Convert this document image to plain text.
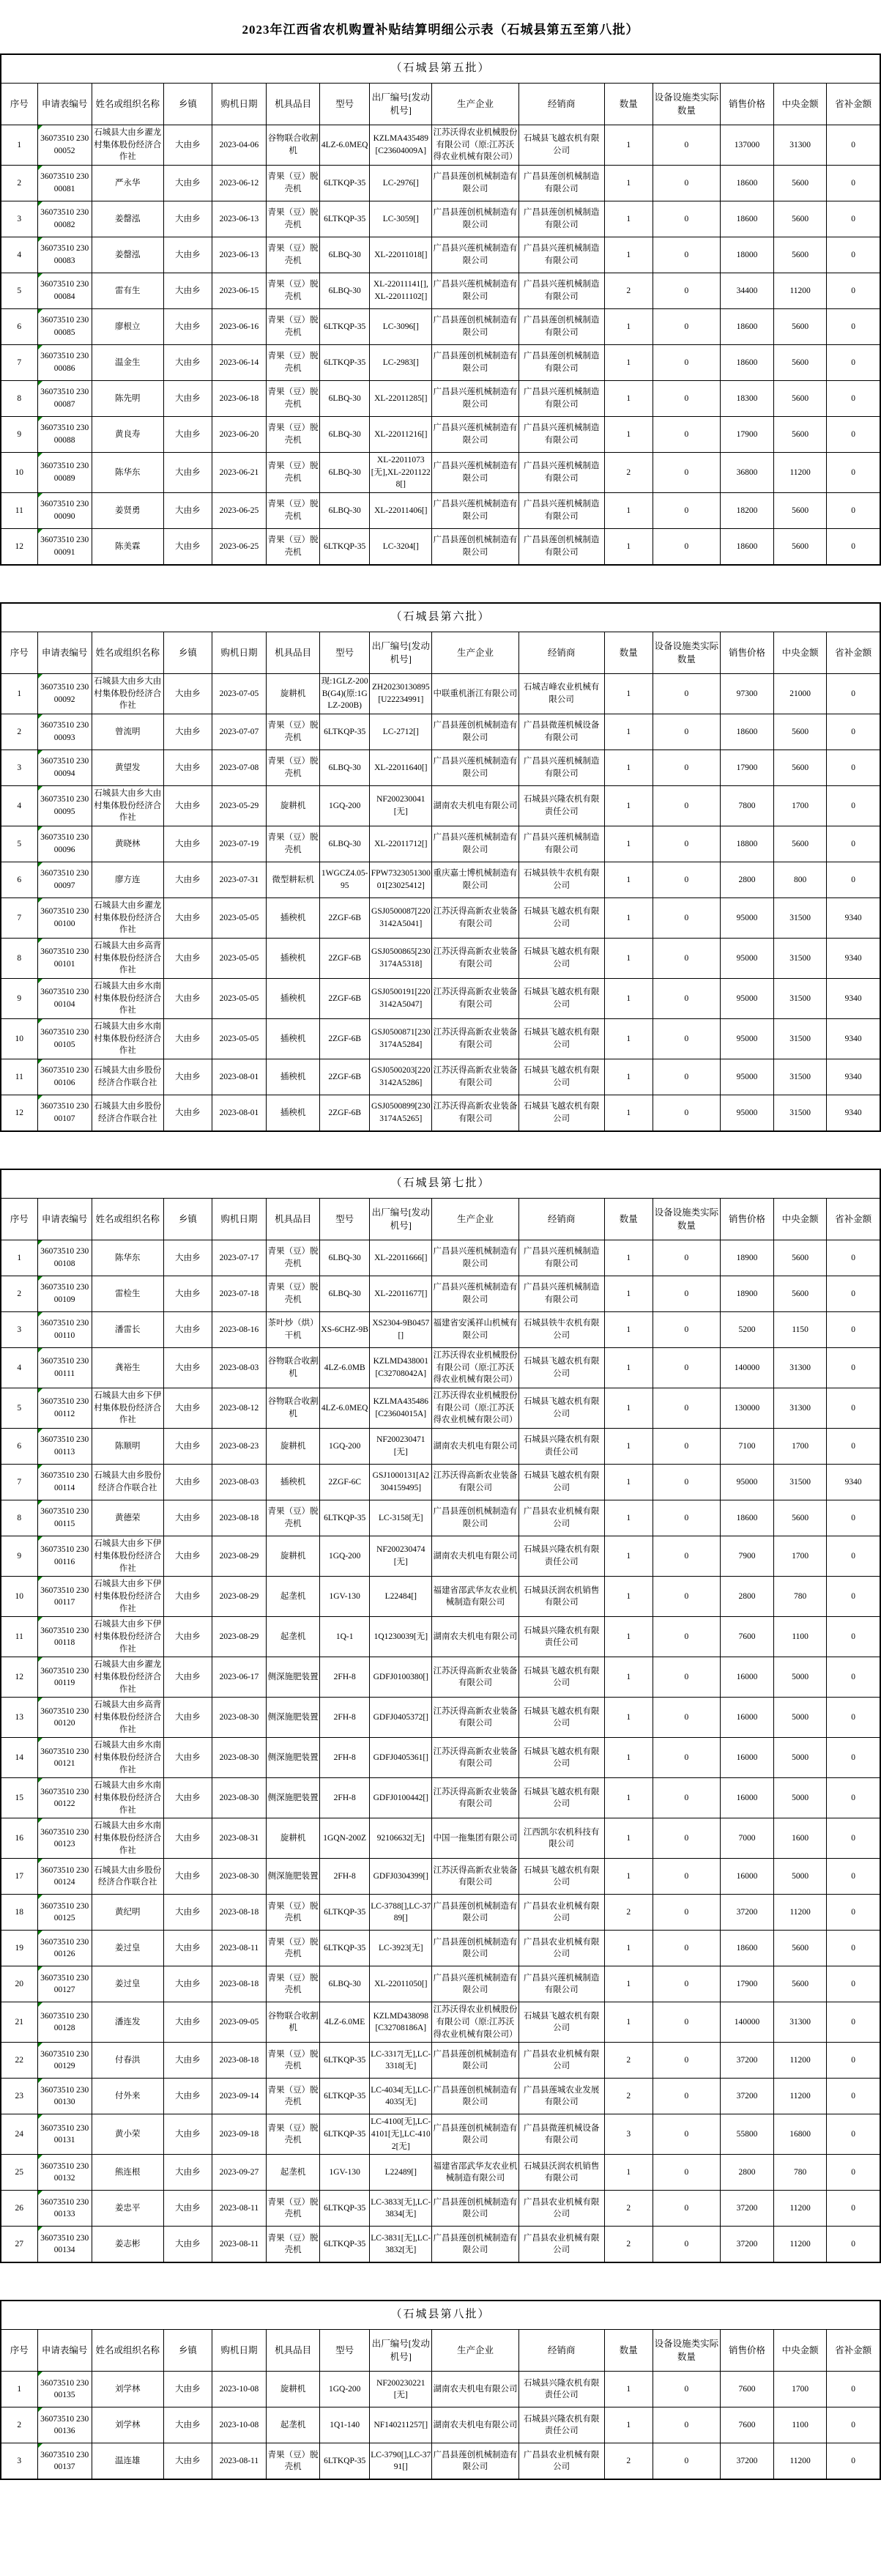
2023年江西省农机购置补贴结算明细公示表（石城县第五至第八批）
（石城县第五批）														
序号	申请表编号	姓名或组织名称	乡镇	购机日期	机具品目	型号	出厂编号[发动机号]	生产企业	经销商	数量	设备设施类实际数量	销售价格	中央金额	省补金额
1	36073510 23000052	石城县大由乡濯龙村集体股份经济合作社	大由乡	2023-04-06	谷物联合收割机	4LZ-6.0MEQ	KZLMA435489[C23604009A]	江苏沃得农业机械股份有限公司（原:江苏沃得农业机械有限公司）	石城县飞越农机有限公司	1	0	137000	31300	0
2	36073510 23000081	严永华	大由乡	2023-06-12	青果（豆）脱壳机	6LTKQP-35	LC-2976[]	广昌县莲创机械制造有限公司	广昌县莲创机械制造有限公司	1	0	18600	5600	0
3	36073510 23000082	姜罄泓	大由乡	2023-06-13	青果（豆）脱壳机	6LTKQP-35	LC-3059[]	广昌县莲创机械制造有限公司	广昌县莲创机械制造有限公司	1	0	18600	5600	0
4	36073510 23000083	姜罄泓	大由乡	2023-06-13	青果（豆）脱壳机	6LBQ-30	XL-22011018[]	广昌县兴莲机械制造有限公司	广昌县兴莲机械制造有限公司	1	0	18000	5600	0
5	36073510 23000084	雷有生	大由乡	2023-06-15	青果（豆）脱壳机	6LBQ-30	XL-22011141[],XL-22011102[]	广昌县兴莲机械制造有限公司	广昌县兴莲机械制造有限公司	2	0	34400	11200	0
6	36073510 23000085	廖根立	大由乡	2023-06-16	青果（豆）脱壳机	6LTKQP-35	LC-3096[]	广昌县莲创机械制造有限公司	广昌县莲创机械制造有限公司	1	0	18600	5600	0
7	36073510 23000086	温金生	大由乡	2023-06-14	青果（豆）脱壳机	6LTKQP-35	LC-2983[]	广昌县莲创机械制造有限公司	广昌县莲创机械制造有限公司	1	0	18600	5600	0
8	36073510 23000087	陈先明	大由乡	2023-06-18	青果（豆）脱壳机	6LBQ-30	XL-22011285[]	广昌县兴莲机械制造有限公司	广昌县兴莲机械制造有限公司	1	0	18300	5600	0
9	36073510 23000088	黄良寿	大由乡	2023-06-20	青果（豆）脱壳机	6LBQ-30	XL-22011216[]	广昌县兴莲机械制造有限公司	广昌县兴莲机械制造有限公司	1	0	17900	5600	0
10	36073510 23000089	陈华东	大由乡	2023-06-21	青果（豆）脱壳机	6LBQ-30	XL-22011073[无],XL-22011228[]	广昌县兴莲机械制造有限公司	广昌县兴莲机械制造有限公司	2	0	36800	11200	0
11	36073510 23000090	姜贤勇	大由乡	2023-06-25	青果（豆）脱壳机	6LBQ-30	XL-22011406[]	广昌县兴莲机械制造有限公司	广昌县兴莲机械制造有限公司	1	0	18200	5600	0
12	36073510 23000091	陈美霖	大由乡	2023-06-25	青果（豆）脱壳机	6LTKQP-35	LC-3204[]	广昌县莲创机械制造有限公司	广昌县莲创机械制造有限公司	1	0	18600	5600	0
（石城县第六批）														
序号	申请表编号	姓名或组织名称	乡镇	购机日期	机具品目	型号	出厂编号[发动机号]	生产企业	经销商	数量	设备设施类实际数量	销售价格	中央金额	省补金额
1	36073510 23000092	石城县大由乡大由村集体股份经济合作社	大由乡	2023-07-05	旋耕机	现:1GLZ-200B(G4)(原:1GLZ-200B)	ZH20230130895[U22234991]	中联重机浙江有限公司	石城吉峰农业机械有限公司	1	0	97300	21000	0
2	36073510 23000093	曾流明	大由乡	2023-07-07	青果（豆）脱壳机	6LTKQP-35	LC-2712[]	广昌县莲创机械制造有限公司	广昌县微莲机械设备有限公司	1	0	18600	5600	0
3	36073510 23000094	黄望发	大由乡	2023-07-08	青果（豆）脱壳机	6LBQ-30	XL-22011640[]	广昌县兴莲机械制造有限公司	广昌县兴莲机械制造有限公司	1	0	17900	5600	0
4	36073510 23000095	石城县大由乡大由村集体股份经济合作社	大由乡	2023-05-29	旋耕机	1GQ-200	NF200230041[无]	湖南农夫机电有限公司	石城县兴隆农机有限责任公司	1	0	7800	1700	0
5	36073510 23000096	黄晓林	大由乡	2023-07-19	青果（豆）脱壳机	6LBQ-30	XL-22011712[]	广昌县兴莲机械制造有限公司	广昌县兴莲机械制造有限公司	1	0	18800	5600	0
6	36073510 23000097	廖方连	大由乡	2023-07-31	微型耕耘机	1WGCZ4.05-95	FPW732305130001[23025412]	重庆嘉士博机械制造有限公司	石城县铁牛农机有限公司	1	0	2800	800	0
7	36073510 23000100	石城县大由乡濯龙村集体股份经济合作社	大由乡	2023-05-05	插秧机	2ZGF-6B	GSJ0500087[2203142A5041]	江苏沃得高新农业装备有限公司	石城县飞越农机有限公司	1	0	95000	31500	9340
8	36073510 23000101	石城县大由乡高背村集体股份经济合作社	大由乡	2023-05-05	插秧机	2ZGF-6B	GSJ0500865[2303174A5318]	江苏沃得高新农业装备有限公司	石城县飞越农机有限公司	1	0	95000	31500	9340
9	36073510 23000104	石城县大由乡水南村集体股份经济合作社	大由乡	2023-05-05	插秧机	2ZGF-6B	GSJ0500191[2203142A5047]	江苏沃得高新农业装备有限公司	石城县飞越农机有限公司	1	0	95000	31500	9340
10	36073510 23000105	石城县大由乡水南村集体股份经济合作社	大由乡	2023-05-05	插秧机	2ZGF-6B	GSJ0500871[2303174A5284]	江苏沃得高新农业装备有限公司	石城县飞越农机有限公司	1	0	95000	31500	9340
11	36073510 23000106	石城县大由乡股份经济合作联合社	大由乡	2023-08-01	插秧机	2ZGF-6B	GSJ0500203[2203142A5286]	江苏沃得高新农业装备有限公司	石城县飞越农机有限公司	1	0	95000	31500	9340
12	36073510 23000107	石城县大由乡股份经济合作联合社	大由乡	2023-08-01	插秧机	2ZGF-6B	GSJ0500899[2303174A5265]	江苏沃得高新农业装备有限公司	石城县飞越农机有限公司	1	0	95000	31500	9340
（石城县第七批）														
序号	申请表编号	姓名或组织名称	乡镇	购机日期	机具品目	型号	出厂编号[发动机号]	生产企业	经销商	数量	设备设施类实际数量	销售价格	中央金额	省补金额
1	36073510 23000108	陈华东	大由乡	2023-07-17	青果（豆）脱壳机	6LBQ-30	XL-22011666[]	广昌县兴莲机械制造有限公司	广昌县兴莲机械制造有限公司	1	0	18900	5600	0
2	36073510 23000109	雷检生	大由乡	2023-07-18	青果（豆）脱壳机	6LBQ-30	XL-22011677[]	广昌县兴莲机械制造有限公司	广昌县兴莲机械制造有限公司	1	0	18900	5600	0
3	36073510 23000110	潘雷长	大由乡	2023-08-16	茶叶炒（烘）干机	XS-6CHZ-9B	XS2304-9B0457[]	福建省安溪祥山机械有限公司	石城县铁牛农机有限公司	1	0	5200	1150	0
4	36073510 23000111	龚裕生	大由乡	2023-08-03	谷物联合收割机	4LZ-6.0MB	KZLMD438001[C32708042A]	江苏沃得农业机械股份有限公司（原:江苏沃得农业机械有限公司）	石城县飞越农机有限公司	1	0	140000	31300	0
5	36073510 23000112	石城县大由乡下伊村集体股份经济合作社	大由乡	2023-08-12	谷物联合收割机	4LZ-6.0MEQ	KZLMA435486[C23604015A]	江苏沃得农业机械股份有限公司（原:江苏沃得农业机械有限公司）	石城县飞越农机有限公司	1	0	130000	31300	0
6	36073510 23000113	陈顺明	大由乡	2023-08-23	旋耕机	1GQ-200	NF200230471[无]	湖南农夫机电有限公司	石城县兴隆农机有限责任公司	1	0	7100	1700	0
7	36073510 23000114	石城县大由乡股份经济合作联合社	大由乡	2023-08-03	插秧机	2ZGF-6C	GSJ1000131[A2304159495]	江苏沃得高新农业装备有限公司	石城县飞越农机有限公司	1	0	95000	31500	9340
8	36073510 23000115	黄德荣	大由乡	2023-08-18	青果（豆）脱壳机	6LTKQP-35	LC-3158[无]	广昌县莲创机械制造有限公司	广昌县农业机械有限公司	1	0	18600	5600	0
9	36073510 23000116	石城县大由乡下伊村集体股份经济合作社	大由乡	2023-08-29	旋耕机	1GQ-200	NF200230474[无]	湖南农夫机电有限公司	石城县兴隆农机有限责任公司	1	0	7900	1700	0
10	36073510 23000117	石城县大由乡下伊村集体股份经济合作社	大由乡	2023-08-29	起垄机	1GV-130	L22484[]	福建省邵武华友农业机械制造有限公司	石城县沃润农机销售有限公司	1	0	2800	780	0
11	36073510 23000118	石城县大由乡下伊村集体股份经济合作社	大由乡	2023-08-29	起垄机	1Q-1	1Q1230039[无]	湖南农夫机电有限公司	石城县兴隆农机有限责任公司	1	0	7600	1100	0
12	36073510 23000119	石城县大由乡濯龙村集体股份经济合作社	大由乡	2023-06-17	侧深施肥装置	2FH-8	GDFJ0100380[]	江苏沃得高新农业装备有限公司	石城县飞越农机有限公司	1	0	16000	5000	0
13	36073510 23000120	石城县大由乡高背村集体股份经济合作社	大由乡	2023-08-30	侧深施肥装置	2FH-8	GDFJ0405372[]	江苏沃得高新农业装备有限公司	石城县飞越农机有限公司	1	0	16000	5000	0
14	36073510 23000121	石城县大由乡水南村集体股份经济合作社	大由乡	2023-08-30	侧深施肥装置	2FH-8	GDFJ0405361[]	江苏沃得高新农业装备有限公司	石城县飞越农机有限公司	1	0	16000	5000	0
15	36073510 23000122	石城县大由乡水南村集体股份经济合作社	大由乡	2023-08-30	侧深施肥装置	2FH-8	GDFJ0100442[]	江苏沃得高新农业装备有限公司	石城县飞越农机有限公司	1	0	16000	5000	0
16	36073510 23000123	石城县大由乡水南村集体股份经济合作社	大由乡	2023-08-31	旋耕机	1GQN-200Z	92106632[无]	中国一拖集团有限公司	江西凯尔农机科技有限公司	1	0	7000	1600	0
17	36073510 23000124	石城县大由乡股份经济合作联合社	大由乡	2023-08-30	侧深施肥装置	2FH-8	GDFJ0304399[]	江苏沃得高新农业装备有限公司	石城县飞越农机有限公司	1	0	16000	5000	0
18	36073510 23000125	黄纪明	大由乡	2023-08-18	青果（豆）脱壳机	6LTKQP-35	LC-3788[],LC-3789[]	广昌县莲创机械制造有限公司	广昌县农业机械有限公司	2	0	37200	11200	0
19	36073510 23000126	姜过皇	大由乡	2023-08-11	青果（豆）脱壳机	6LTKQP-35	LC-3923[无]	广昌县莲创机械制造有限公司	广昌县农业机械有限公司	1	0	18600	5600	0
20	36073510 23000127	姜过皇	大由乡	2023-08-18	青果（豆）脱壳机	6LBQ-30	XL-22011050[]	广昌县兴莲机械制造有限公司	广昌县兴莲机械制造有限公司	1	0	17900	5600	0
21	36073510 23000128	潘连发	大由乡	2023-09-05	谷物联合收割机	4LZ-6.0ME	KZLMD438098[C32708186A]	江苏沃得农业机械股份有限公司（原:江苏沃得农业机械有限公司）	石城县飞越农机有限公司	1	0	140000	31300	0
22	36073510 23000129	付春洪	大由乡	2023-08-18	青果（豆）脱壳机	6LTKQP-35	LC-3317[无],LC-3318[无]	广昌县莲创机械制造有限公司	广昌县农业机械有限公司	2	0	37200	11200	0
23	36073510 23000130	付外来	大由乡	2023-09-14	青果（豆）脱壳机	6LTKQP-35	LC-4034[无],LC-4035[无]	广昌县莲创机械制造有限公司	广昌县莲城农业发展有限公司	2	0	37200	11200	0
24	36073510 23000131	黄小荣	大由乡	2023-09-18	青果（豆）脱壳机	6LTKQP-35	LC-4100[无],LC-4101[无],LC-4102[无]	广昌县莲创机械制造有限公司	广昌县微莲机械设备有限公司	3	0	55800	16800	0
25	36073510 23000132	熊连根	大由乡	2023-09-27	起垄机	1GV-130	L22489[]	福建省邵武华友农业机械制造有限公司	石城县沃润农机销售有限公司	1	0	2800	780	0
26	36073510 23000133	姜忠平	大由乡	2023-08-11	青果（豆）脱壳机	6LTKQP-35	LC-3833[无],LC-3834[无]	广昌县莲创机械制造有限公司	广昌县农业机械有限公司	2	0	37200	11200	0
27	36073510 23000134	姜志彬	大由乡	2023-08-11	青果（豆）脱壳机	6LTKQP-35	LC-3831[无],LC-3832[无]	广昌县莲创机械制造有限公司	广昌县农业机械有限公司	2	0	37200	11200	0
（石城县第八批）														
序号	申请表编号	姓名或组织名称	乡镇	购机日期	机具品目	型号	出厂编号[发动机号]	生产企业	经销商	数量	设备设施类实际数量	销售价格	中央金额	省补金额
1	36073510 23000135	刘学林	大由乡	2023-10-08	旋耕机	1GQ-200	NF200230221[无]	湖南农夫机电有限公司	石城县兴隆农机有限责任公司	1	0	7600	1700	0
2	36073510 23000136	刘学林	大由乡	2023-10-08	起垄机	1Q1-140	NF140211257[]	湖南农夫机电有限公司	石城县兴隆农机有限责任公司	1	0	7600	1100	0
3	36073510 23000137	温连雄	大由乡	2023-08-11	青果（豆）脱壳机	6LTKQP-35	LC-3790[],LC-3791[]	广昌县莲创机械制造有限公司	广昌县农业机械有限公司	2	0	37200	11200	0
